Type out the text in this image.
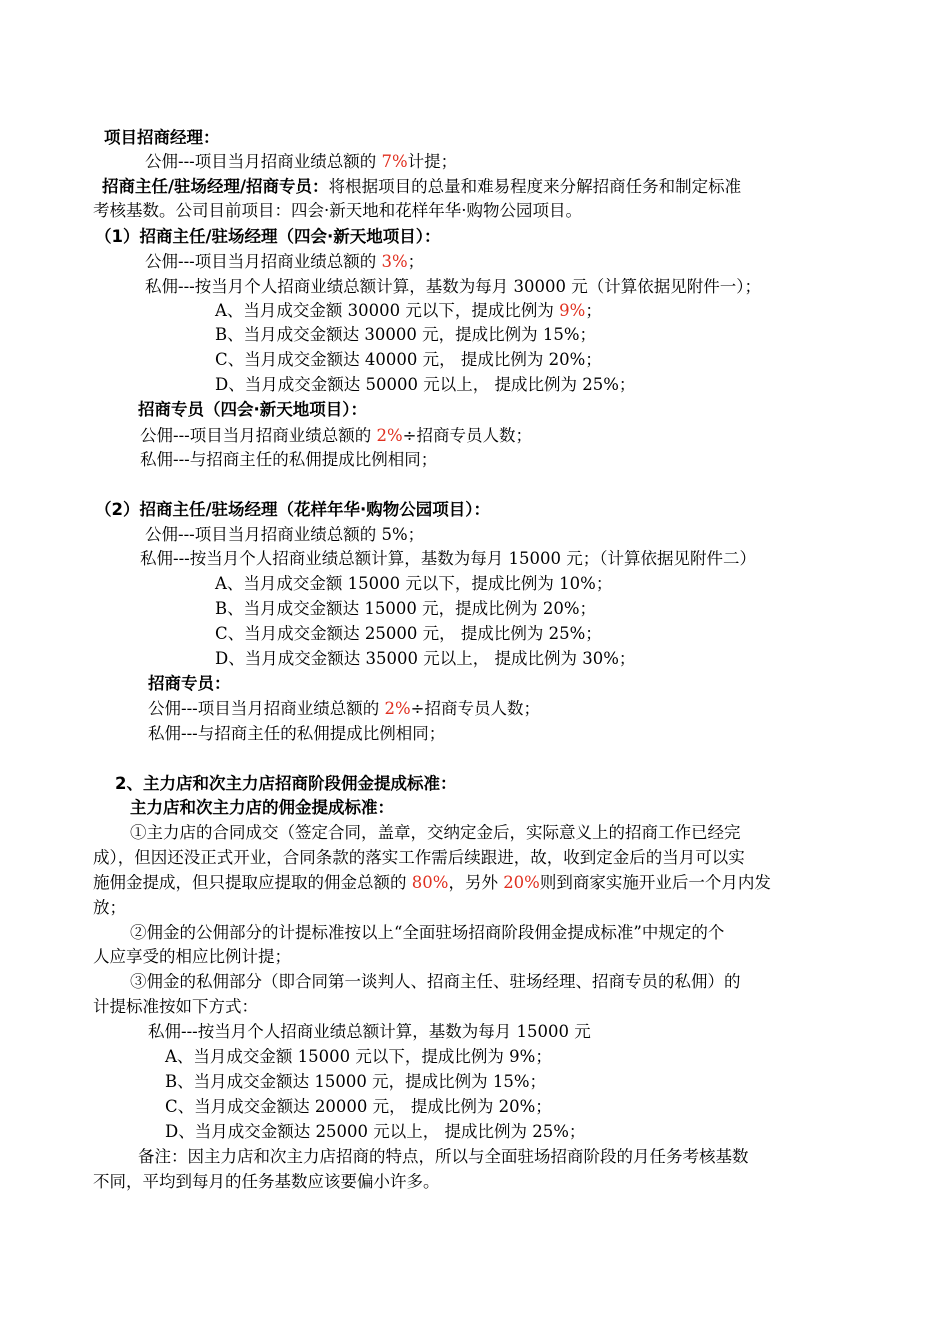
项目招商经理：
公佣---项目当月招商业绩总额的 7%计提；
招商主任/驻场经理/招商专员：将根据项目的总量和难易程度来分解招商任务和制定标准
考核基数。公司目前项目：四会·新天地和花样年华·购物公园项目。
（1）招商主任/驻场经理（四会·新天地项目）：
公佣---项目当月招商业绩总额的 3%；
私佣---按当月个人招商业绩总额计算，基数为每月 30000 元（计算依据见附件一）；
A、当月成交金额 30000 元以下，提成比例为 9%；
B、当月成交金额达 30000 元，提成比例为 15%；
C、当月成交金额达 40000 元， 提成比例为 20%；
D、当月成交金额达 50000 元以上， 提成比例为 25%；
招商专员（四会·新天地项目）：
公佣---项目当月招商业绩总额的 2%÷招商专员人数；
私佣---与招商主任的私佣提成比例相同；
（2）招商主任/驻场经理（花样年华·购物公园项目）：
公佣---项目当月招商业绩总额的 5%；
私佣---按当月个人招商业绩总额计算，基数为每月 15000 元；（计算依据见附件二）
A、当月成交金额 15000 元以下，提成比例为 10%；
B、当月成交金额达 15000 元，提成比例为 20%；
C、当月成交金额达 25000 元， 提成比例为 25%；
D、当月成交金额达 35000 元以上， 提成比例为 30%；
招商专员：
公佣---项目当月招商业绩总额的 2%÷招商专员人数；
私佣---与招商主任的私佣提成比例相同；
2、主力店和次主力店招商阶段佣金提成标准：
主力店和次主力店的佣金提成标准：
①主力店的合同成交（签定合同，盖章，交纳定金后，实际意义上的招商工作已经完
成），但因还没正式开业，合同条款的落实工作需后续跟进，故，收到定金后的当月可以实
施佣金提成，但只提取应提取的佣金总额的 80%，另外 20%则到商家实施开业后一个月内发
放；
②佣金的公佣部分的计提标准按以上“全面驻场招商阶段佣金提成标准”中规定的个
人应享受的相应比例计提；
③佣金的私佣部分（即合同第一谈判人、招商主任、驻场经理、招商专员的私佣）的
计提标准按如下方式：
私佣---按当月个人招商业绩总额计算，基数为每月 15000 元
A、当月成交金额 15000 元以下，提成比例为 9%；
B、当月成交金额达 15000 元，提成比例为 15%；
C、当月成交金额达 20000 元， 提成比例为 20%；
D、当月成交金额达 25000 元以上， 提成比例为 25%；
备注：因主力店和次主力店招商的特点，所以与全面驻场招商阶段的月任务考核基数
不同，平均到每月的任务基数应该要偏小许多。
